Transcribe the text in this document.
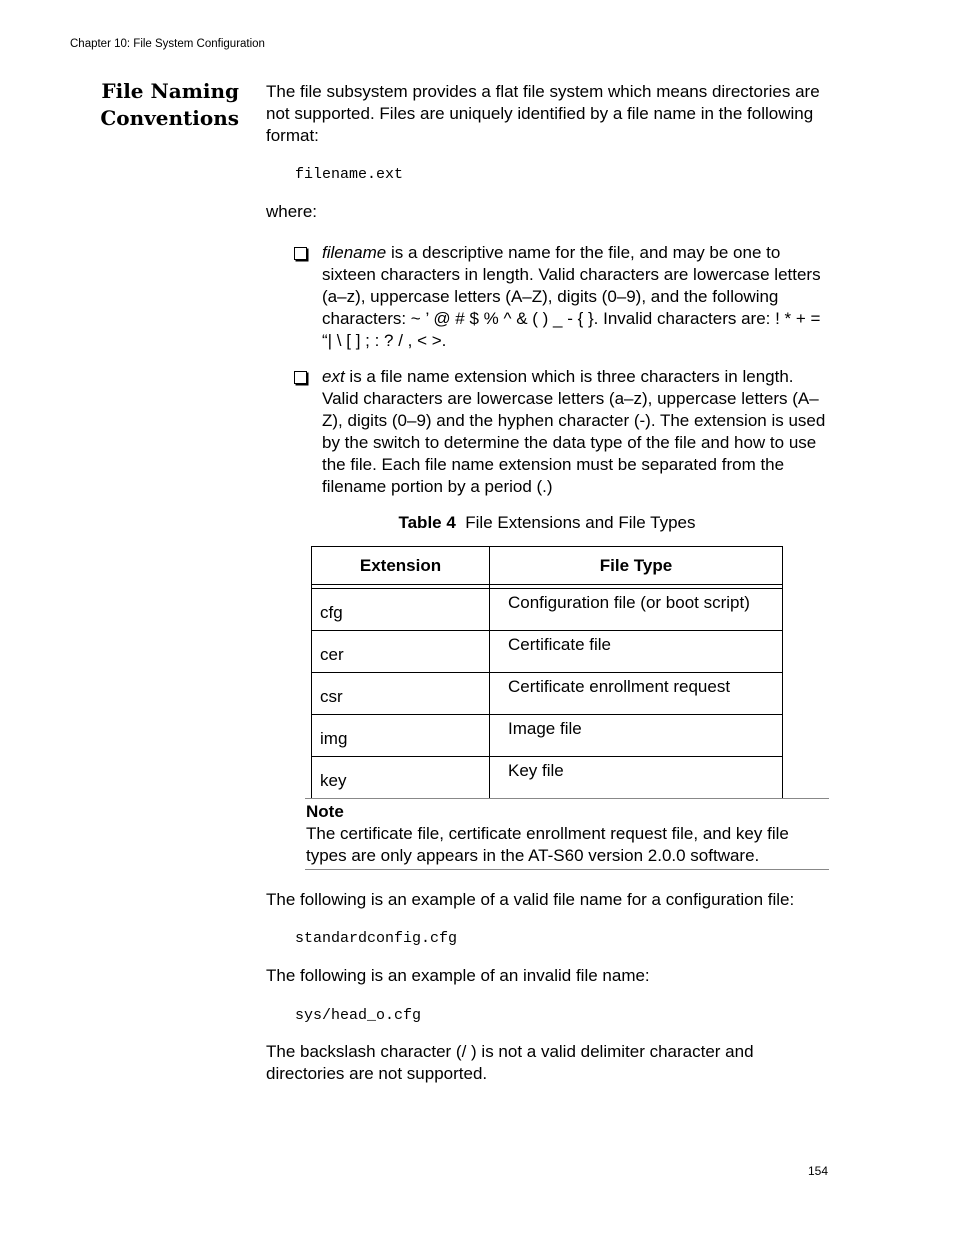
Chapter 10: File System Configuration
File Naming
Conventions

The file subsystem provides a flat file system which means directories are not supported. Files are uniquely identified by a file name in the following format:

filename.ext

where:

filename is a descriptive name for the file, and may be one to sixteen characters in length. Valid characters are lowercase letters (a–z), uppercase letters (A–Z), digits (0–9), and the following characters: ~ ’ @ # $ % ^ & ( ) _ - { }. Invalid characters are: ! * + = “| \ [ ] ; : ? / , < >.
ext is a file name extension which is three characters in length. Valid characters are lowercase letters (a–z), uppercase letters (A–Z), digits (0–9) and the hyphen character (-). The extension is used by the switch to determine the data type of the file and how to use the file. Each file name extension must be separated from the filename portion by a period (.)
Table 4 File Extensions and File Types
Extension	File Type

cfg	Configuration file (or boot script)
cer	Certificate file
csr	Certificate enrollment request
img	Image file
key	Key file
Note
The certificate file, certificate enrollment request file, and key file types are only appears in the AT-S60 version 2.0.0 software.

The following is an example of a valid file name for a configuration file:

standardconfig.cfg

The following is an example of an invalid file name:

sys/head_o.cfg

The backslash character (/ ) is not a valid delimiter character and directories are not supported.

154
